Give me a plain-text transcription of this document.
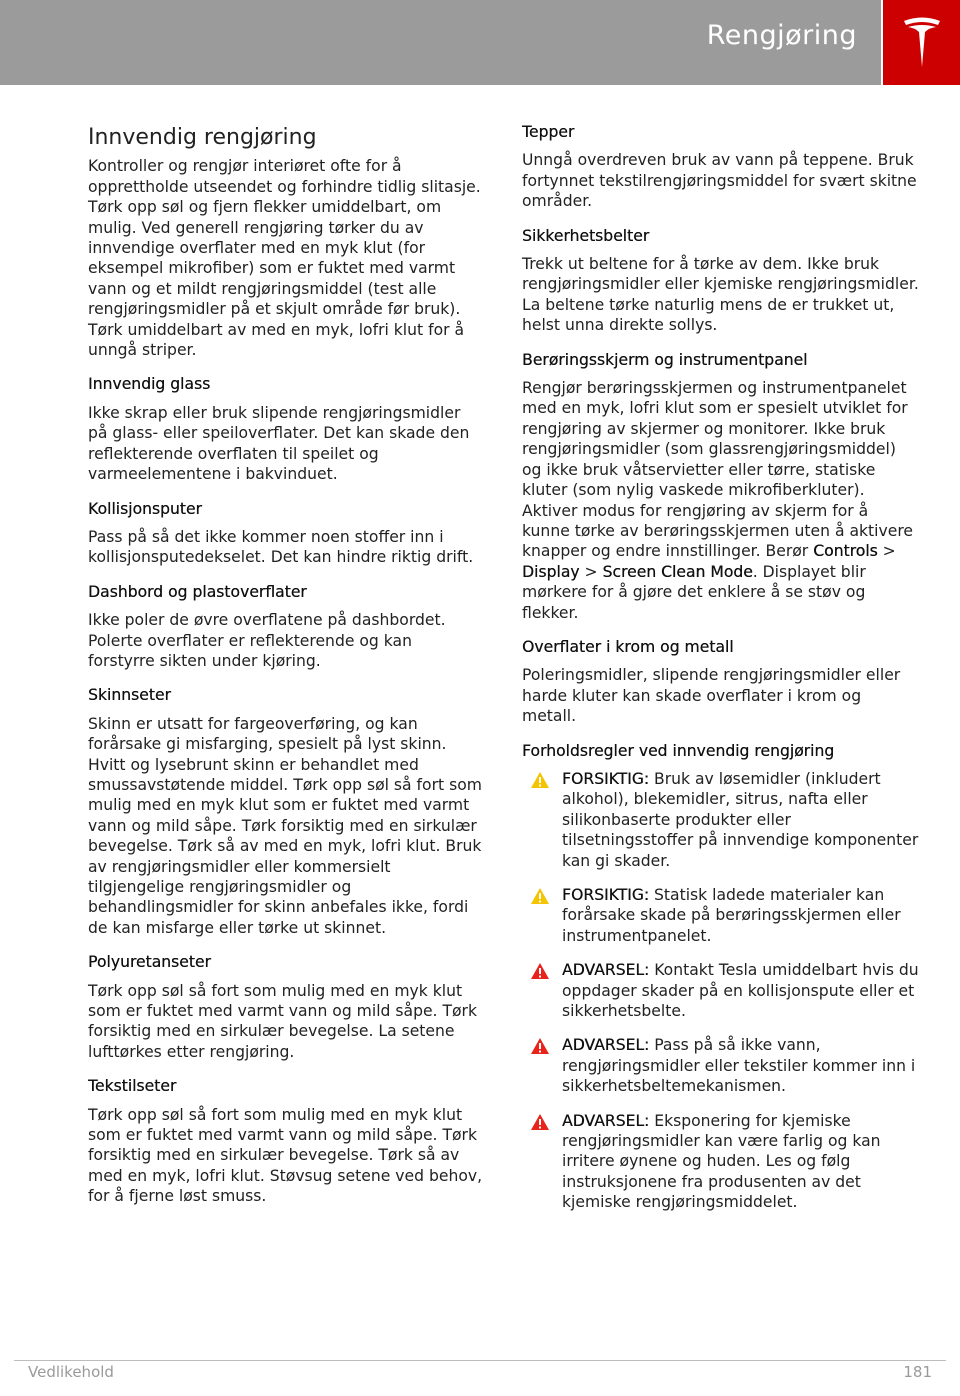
Rengjøring
Innvendig rengjøring

Kontroller og rengjør interiøret ofte for å opprettholde utseendet og forhindre tidlig slitasje. Tørk opp søl og fjern flekker umiddelbart, om mulig. Ved generell rengjøring tørker du av innvendige overflater med en myk klut (for eksempel mikrofiber) som er fuktet med varmt vann og et mildt rengjøringsmiddel (test alle rengjøringsmidler på et skjult område før bruk). Tørk umiddelbart av med en myk, lofri klut for å unngå striper.

Innvendig glass

Ikke skrap eller bruk slipende rengjøringsmidler på glass- eller speiloverflater. Det kan skade den reflekterende overflaten til speilet og varmeelementene i bakvinduet.

Kollisjonsputer

Pass på så det ikke kommer noen stoffer inn i kollisjonsputedekselet. Det kan hindre riktig drift.

Dashbord og plastoverflater

Ikke poler de øvre overflatene på dashbordet. Polerte overflater er reflekterende og kan forstyrre sikten under kjøring.

Skinnseter

Skinn er utsatt for fargeoverføring, og kan forårsake gi misfarging, spesielt på lyst skinn. Hvitt og lysebrunt skinn er behandlet med smussavstøtende middel. Tørk opp søl så fort som mulig med en myk klut som er fuktet med varmt vann og mild såpe. Tørk forsiktig med en sirkulær bevegelse. Tørk så av med en myk, lofri klut. Bruk av rengjøringsmidler eller kommersielt tilgjengelige rengjøringsmidler og behandlingsmidler for skinn anbefales ikke, fordi de kan misfarge eller tørke ut skinnet.

Polyuretanseter

Tørk opp søl så fort som mulig med en myk klut som er fuktet med varmt vann og mild såpe. Tørk forsiktig med en sirkulær bevegelse. La setene lufttørkes etter rengjøring.

Tekstilseter

Tørk opp søl så fort som mulig med en myk klut som er fuktet med varmt vann og mild såpe. Tørk forsiktig med en sirkulær bevegelse. Tørk så av med en myk, lofri klut. Støvsug setene ved behov, for å fjerne løst smuss.

Tepper

Unngå overdreven bruk av vann på teppene. Bruk fortynnet tekstilrengjøringsmiddel for svært skitne områder.

Sikkerhetsbelter

Trekk ut beltene for å tørke av dem. Ikke bruk rengjøringsmidler eller kjemiske rengjøringsmidler. La beltene tørke naturlig mens de er trukket ut, helst unna direkte sollys.

Berøringsskjerm og instrumentpanel

Rengjør berøringsskjermen og instrumentpanelet med en myk, lofri klut som er spesielt utviklet for rengjøring av skjermer og monitorer. Ikke bruk rengjøringsmidler (som glassrengjøringsmiddel) og ikke bruk våtservietter eller tørre, statiske kluter (som nylig vaskede mikrofiberkluter). Aktiver modus for rengjøring av skjerm for å kunne tørke av berøringsskjermen uten å aktivere knapper og endre innstillinger. Berør Controls > Display > Screen Clean Mode. Displayet blir mørkere for å gjøre det enklere å se støv og flekker.

Overflater i krom og metall

Poleringsmidler, slipende rengjøringsmidler eller harde kluter kan skade overflater i krom og metall.

Forholdsregler ved innvendig rengjøring
FORSIKTIG: Bruk av løsemidler (inkludert alkohol), blekemidler, sitrus, nafta eller silikonbaserte produkter eller tilsetningsstoffer på innvendige komponenter kan gi skader.
FORSIKTIG: Statisk ladede materialer kan forårsake skade på berøringsskjermen eller instrumentpanelet.
ADVARSEL: Kontakt Tesla umiddelbart hvis du oppdager skader på en kollisjonspute eller et sikkerhetsbelte.
ADVARSEL: Pass på så ikke vann, rengjøringsmidler eller tekstiler kommer inn i sikkerhetsbeltemekanismen.
ADVARSEL: Eksponering for kjemiske rengjøringsmidler kan være farlig og kan irritere øynene og huden. Les og følg instruksjonene fra produsenten av det kjemiske rengjøringsmiddelet.
Vedlikehold	181
